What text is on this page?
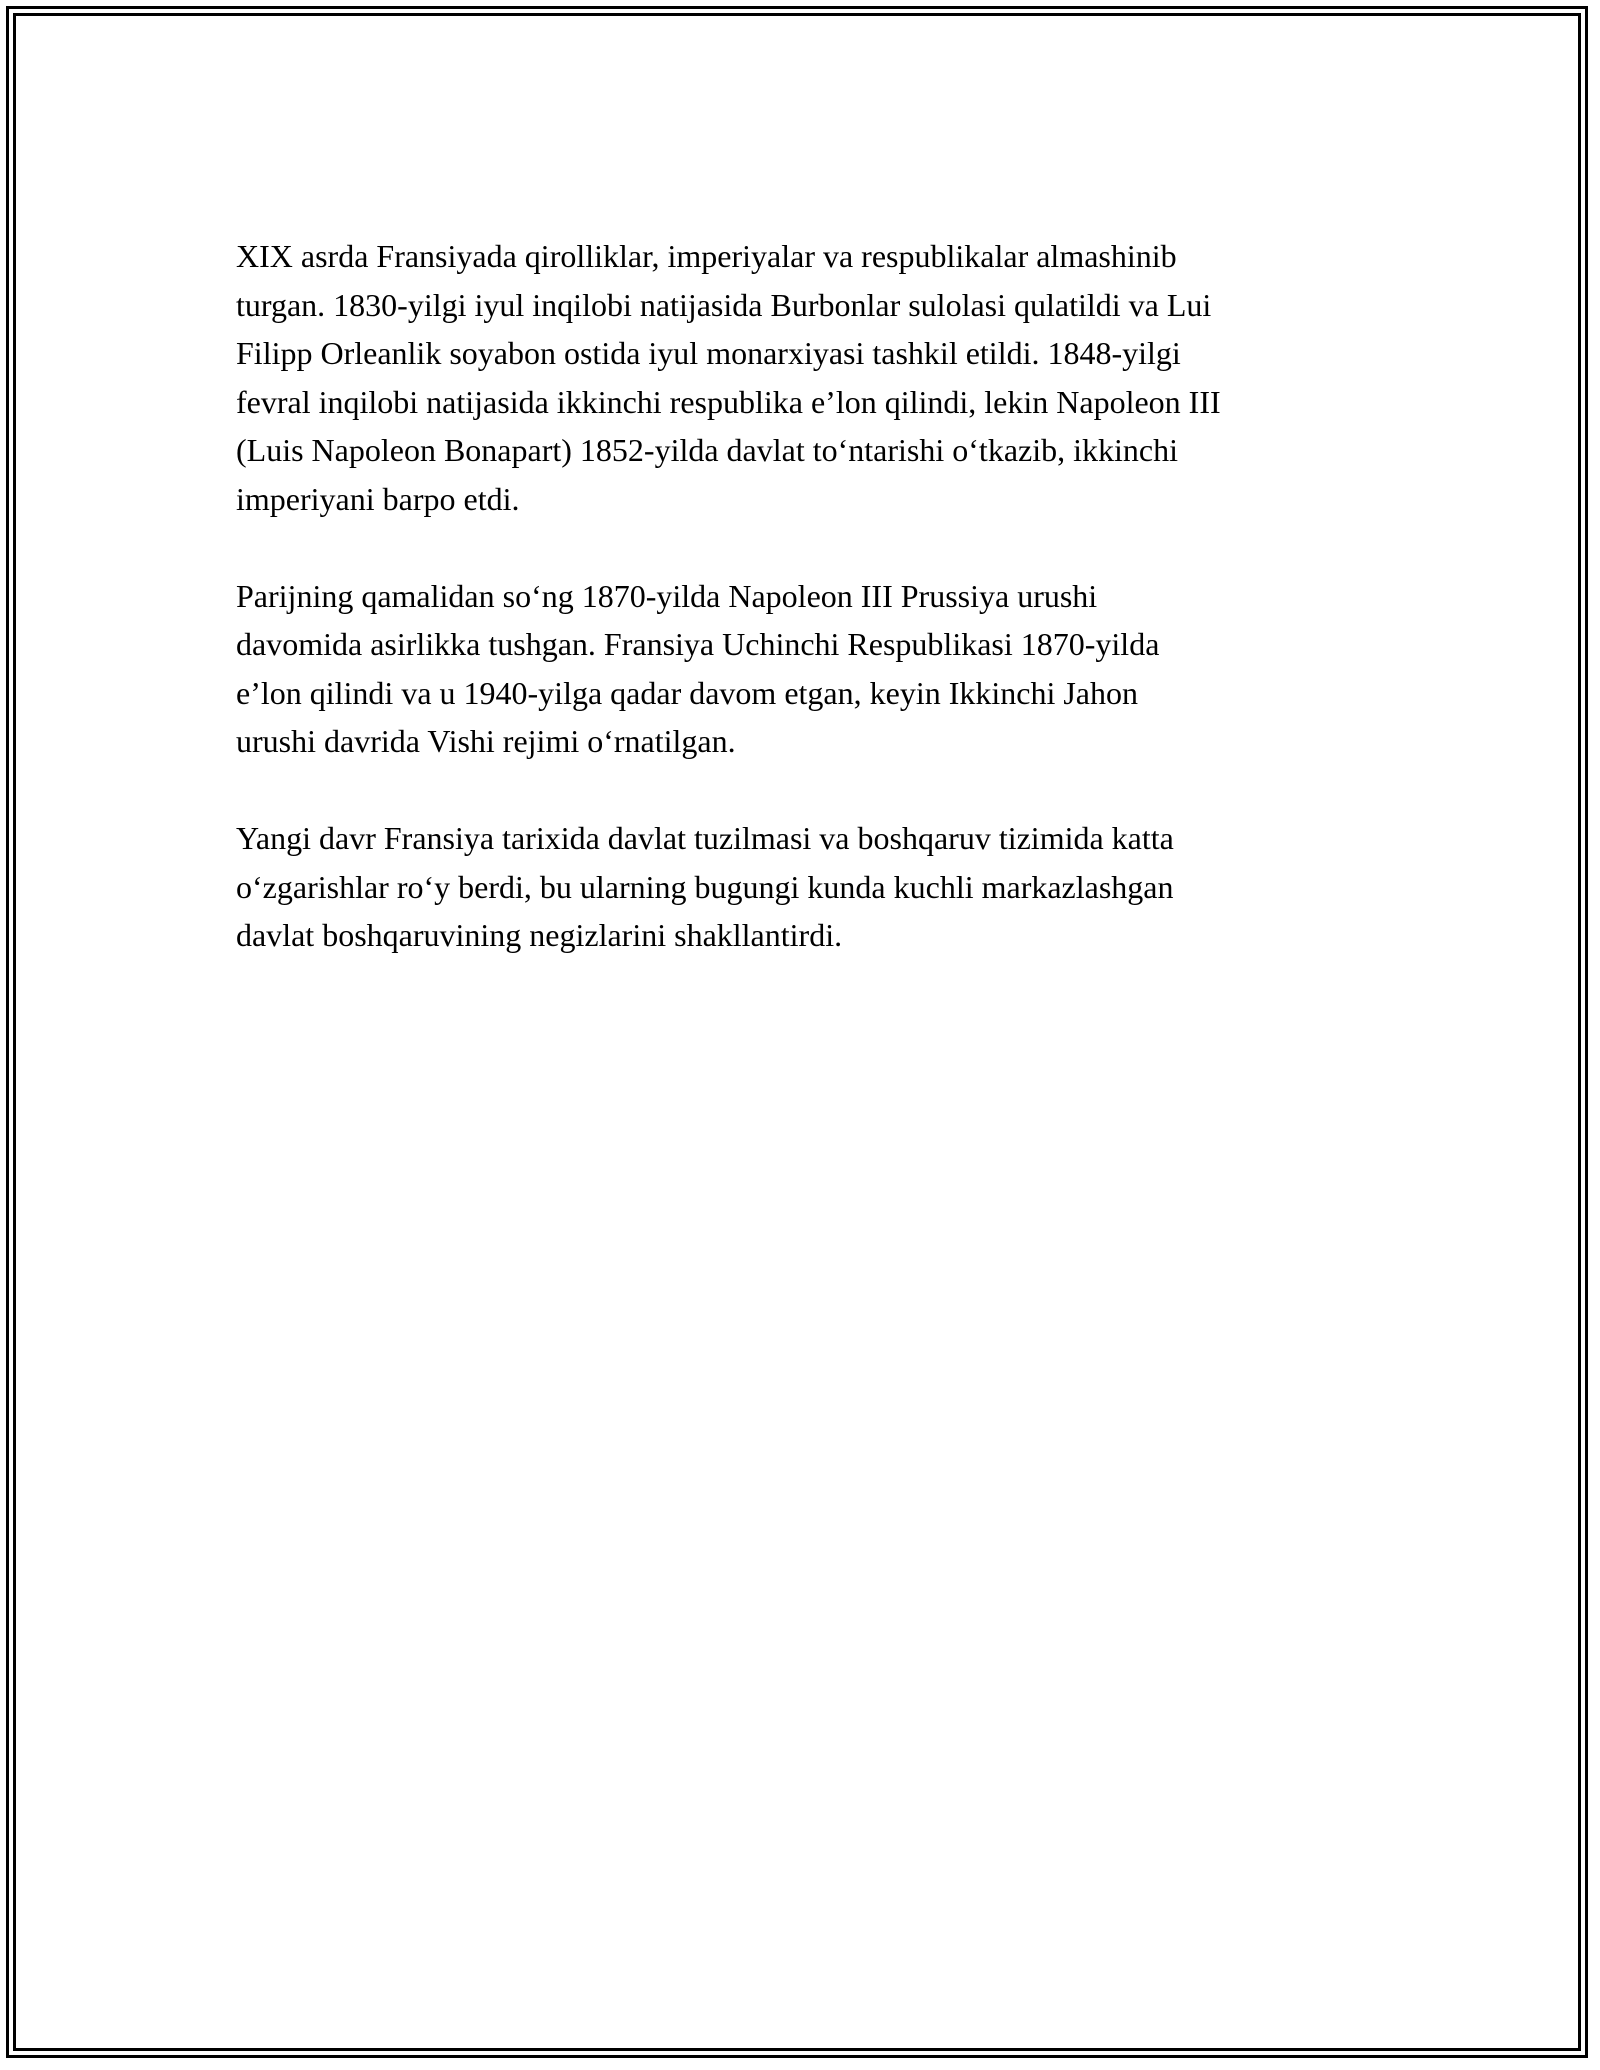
XIX asrda Fransiyada qirolliklar, imperiyalar va respublikalar almashinib
turgan. 1830-yilgi iyul inqilobi natijasida Burbonlar sulolasi qulatildi va Lui
Filipp Orleanlik soyabon ostida iyul monarxiyasi tashkil etildi. 1848-yilgi
fevral inqilobi natijasida ikkinchi respublika e’lon qilindi, lekin Napoleon III
(Luis Napoleon Bonapart) 1852-yilda davlat to‘ntarishi o‘tkazib, ikkinchi
imperiyani barpo etdi.

Parijning qamalidan so‘ng 1870-yilda Napoleon III Prussiya urushi
davomida asirlikka tushgan. Fransiya Uchinchi Respublikasi 1870-yilda
e’lon qilindi va u 1940-yilga qadar davom etgan, keyin Ikkinchi Jahon
urushi davrida Vishi rejimi o‘rnatilgan.

Yangi davr Fransiya tarixida davlat tuzilmasi va boshqaruv tizimida katta
o‘zgarishlar ro‘y berdi, bu ularning bugungi kunda kuchli markazlashgan
davlat boshqaruvining negizlarini shakllantirdi.
